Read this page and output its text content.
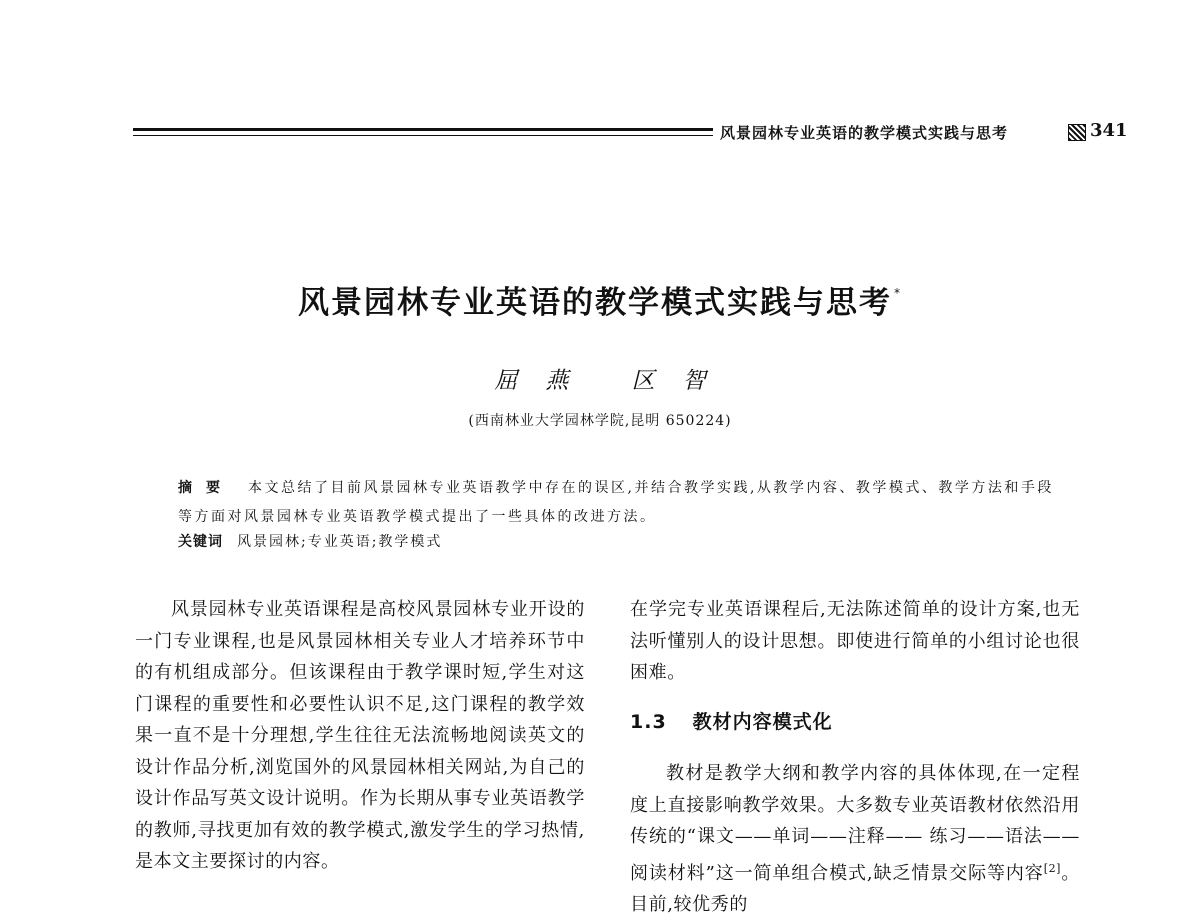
风景园林专业英语的教学模式实践与思考	341
风景园林专业英语的教学模式实践与思考 *
屈燕 区智
(西南林业大学园林学院,昆明 650224)

摘要 本文总结了目前风景园林专业英语教学中存在的误区,并结合教学实践,从教学内容、教学模式、教学方法和手段等方面对风景园林专业英语教学模式提出了一些具体的改进方法。

关键词 风景园林;专业英语;教学模式

风景园林专业英语课程是高校风景园林专业开设的一门专业课程,也是风景园林相关专业人才培养环节中的有机组成部分。但该课程由于教学课时短,学生对这门课程的重要性和必要性认识不足,这门课程的教学效果一直不是十分理想,学生往往无法流畅地阅读英文的设计作品分析,浏览国外的风景园林相关网站,为自己的设计作品写英文设计说明。作为长期从事专业英语教学的教师,寻找更加有效的教学模式,激发学生的学习热情,是本文主要探讨的内容。

在学完专业英语课程后,无法陈述简单的设计方案,也无法听懂别人的设计思想。即使进行简单的小组讨论也很困难。

1.3 教材内容模式化

教材是教学大纲和教学内容的具体体现,在一定程度上直接影响教学效果。大多数专业英语教材依然沿用传统的“课文——单词——注释—— 练习——语法——阅读材料”这一简单组合模式,缺乏情景交际等内容[2]。目前,较优秀的
